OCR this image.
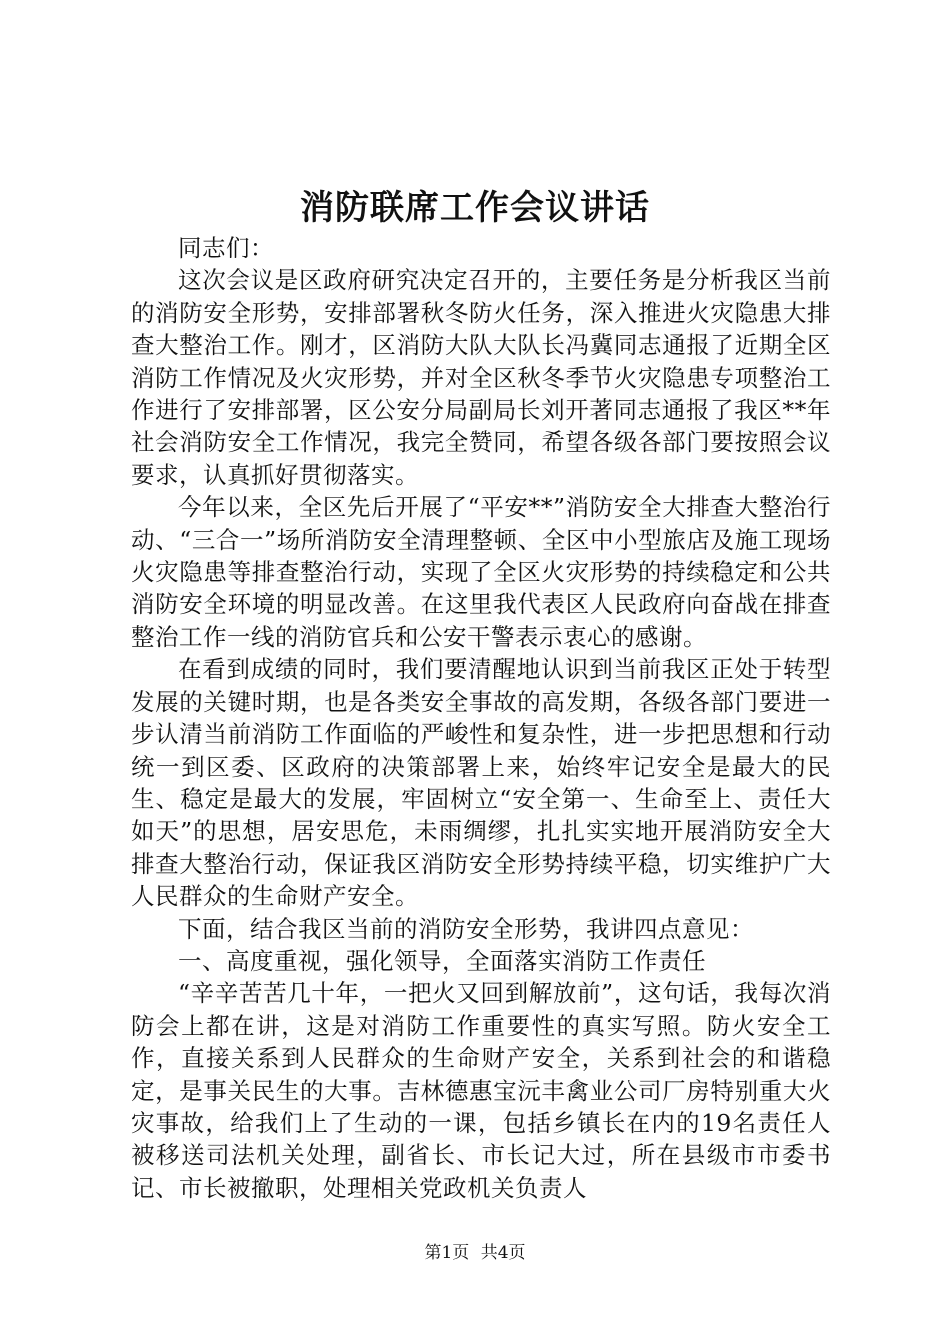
消防联席工作会议讲话

同志们：

这次会议是区政府研究决定召开的，主要任务是分析我区当前的消防安全形势，安排部署秋冬防火任务，深入推进火灾隐患大排查大整治工作。刚才，区消防大队大队长冯冀同志通报了近期全区消防工作情况及火灾形势，并对全区秋冬季节火灾隐患专项整治工作进行了安排部署，区公安分局副局长刘开著同志通报了我区**年社会消防安全工作情况，我完全赞同，希望各级各部门要按照会议要求，认真抓好贯彻落实。

今年以来，全区先后开展了“平安**”消防安全大排查大整治行动、“三合一”场所消防安全清理整顿、全区中小型旅店及施工现场火灾隐患等排查整治行动，实现了全区火灾形势的持续稳定和公共消防安全环境的明显改善。在这里我代表区人民政府向奋战在排查整治工作一线的消防官兵和公安干警表示衷心的感谢。

在看到成绩的同时，我们要清醒地认识到当前我区正处于转型发展的关键时期，也是各类安全事故的高发期，各级各部门要进一步认清当前消防工作面临的严峻性和复杂性，进一步把思想和行动统一到区委、区政府的决策部署上来，始终牢记安全是最大的民生、稳定是最大的发展，牢固树立“安全第一、生命至上、责任大如天”的思想，居安思危，未雨绸缪，扎扎实实地开展消防安全大排查大整治行动，保证我区消防安全形势持续平稳，切实维护广大人民群众的生命财产安全。

下面，结合我区当前的消防安全形势，我讲四点意见：

一、高度重视，强化领导，全面落实消防工作责任

“辛辛苦苦几十年，一把火又回到解放前”，这句话，我每次消防会上都在讲，这是对消防工作重要性的真实写照。防火安全工作，直接关系到人民群众的生命财产安全，关系到社会的和谐稳定，是事关民生的大事。吉林德惠宝沅丰禽业公司厂房特别重大火灾事故，给我们上了生动的一课，包括乡镇长在内的19名责任人被移送司法机关处理，副省长、市长记大过，所在县级市市委书记、市长被撤职，处理相关党政机关负责人

第1页 共4页
